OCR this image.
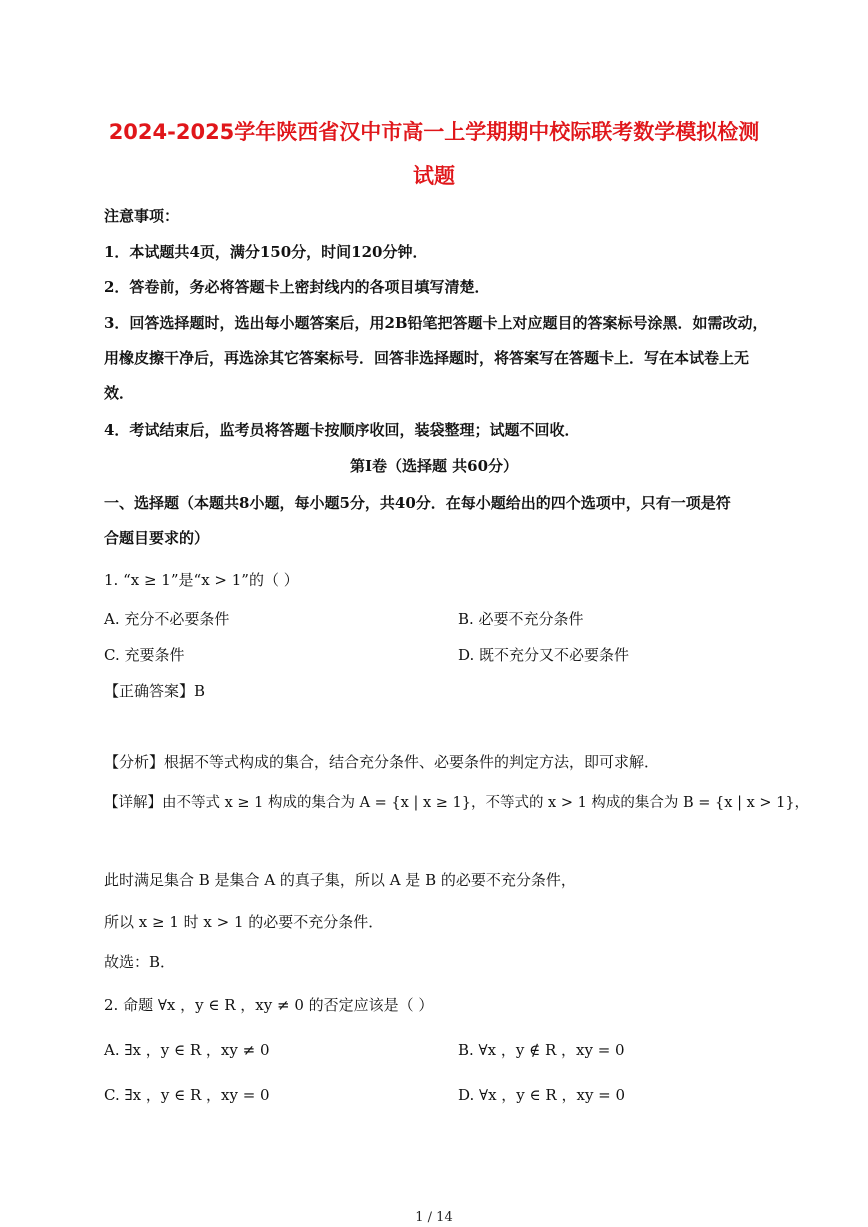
2024-2025学年陕西省汉中市高一上学期期中校际联考数学模拟检测
试题
注意事项：
1．本试题共4页，满分150分，时间120分钟．
2．答卷前，务必将答题卡上密封线内的各项目填写清楚．
3．回答选择题时，选出每小题答案后，用2B铅笔把答题卡上对应题目的答案标号涂黑．如需改动，
用橡皮擦干净后，再选涂其它答案标号．回答非选择题时，将答案写在答题卡上．写在本试卷上无
效．
4．考试结束后，监考员将答题卡按顺序收回，装袋整理；试题不回收．
第Ⅰ卷（选择题 共60分）
一、选择题（本题共8小题，每小题5分，共40分．在每小题给出的四个选项中，只有一项是符
合题目要求的）
1. “x ≥ 1”是“x > 1”的（ ）
A. 充分不必要条件	B. 必要不充分条件
C. 充要条件	D. 既不充分又不必要条件
【正确答案】B
【分析】根据不等式构成的集合，结合充分条件、必要条件的判定方法，即可求解．
【详解】由不等式 x ≥ 1 构成的集合为 A = {x | x ≥ 1}，不等式的 x > 1 构成的集合为 B = {x | x > 1}，
此时满足集合 B 是集合 A 的真子集，所以 A 是 B 的必要不充分条件，
所以 x ≥ 1 时 x > 1 的必要不充分条件．
故选：B．
2. 命题 ∀x ，y ∈ R ，xy ≠ 0 的否定应该是（ ）
A. ∃x ，y ∈ R ，xy ≠ 0	B. ∀x ，y ∉ R ，xy = 0
C. ∃x ，y ∈ R ，xy = 0	D. ∀x ，y ∈ R ，xy = 0
1 / 14
